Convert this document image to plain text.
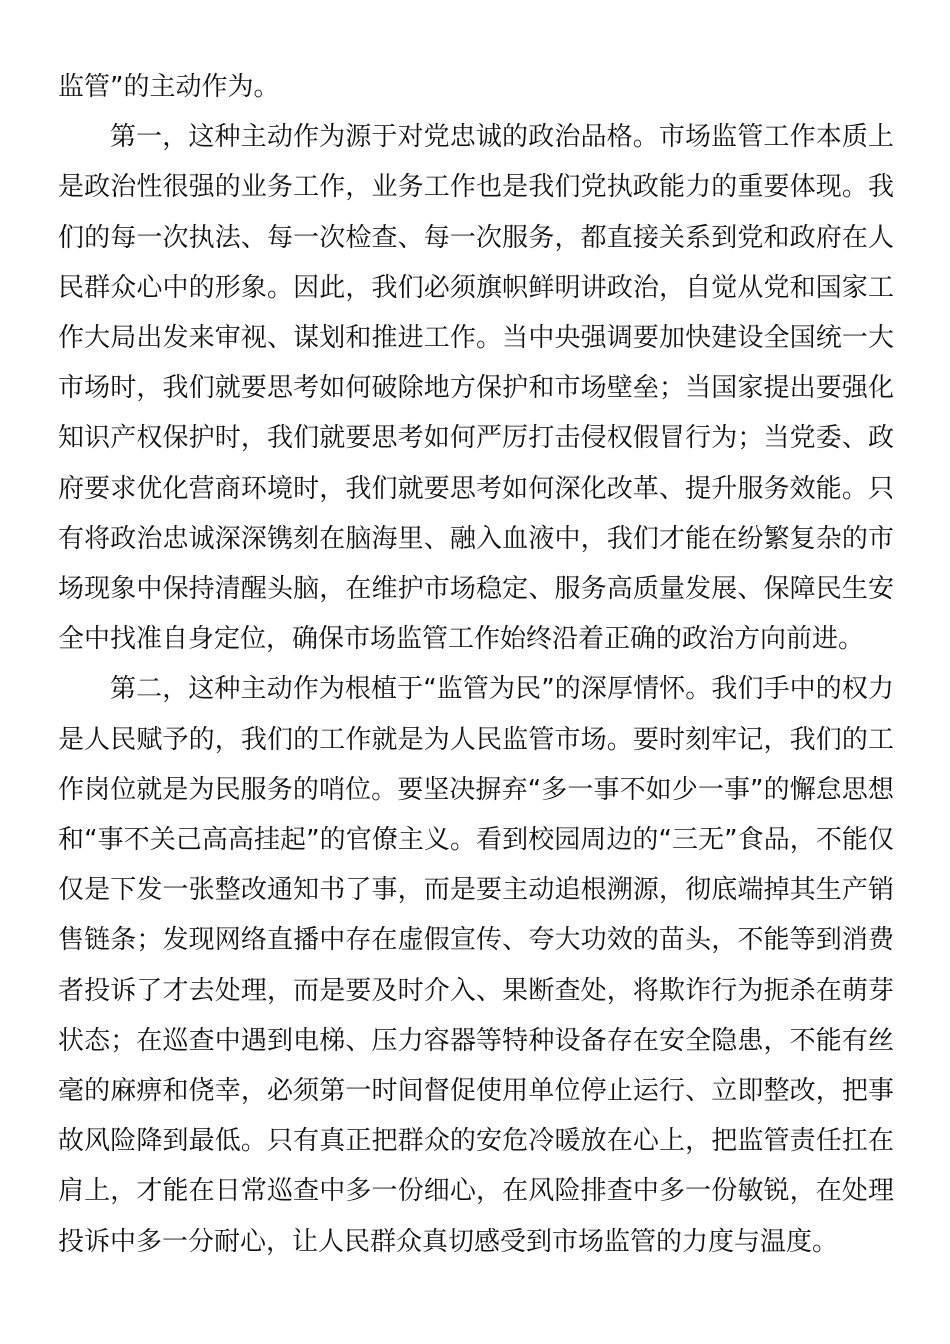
监管”的主动作为。

第一，这种主动作为源于对党忠诚的政治品格。市场监管工作本质上是政治性很强的业务工作，业务工作也是我们党执政能力的重要体现。我们的每一次执法、每一次检查、每一次服务，都直接关系到党和政府在人民群众心中的形象。因此，我们必须旗帜鲜明讲政治，自觉从党和国家工作大局出发来审视、谋划和推进工作。当中央强调要加快建设全国统一大市场时，我们就要思考如何破除地方保护和市场壁垒；当国家提出要强化知识产权保护时，我们就要思考如何严厉打击侵权假冒行为；当党委、政府要求优化营商环境时，我们就要思考如何深化改革、提升服务效能。只有将政治忠诚深深镌刻在脑海里、融入血液中，我们才能在纷繁复杂的市场现象中保持清醒头脑，在维护市场稳定、服务高质量发展、保障民生安全中找准自身定位，确保市场监管工作始终沿着正确的政治方向前进。

第二，这种主动作为根植于“监管为民”的深厚情怀。我们手中的权力是人民赋予的，我们的工作就是为人民监管市场。要时刻牢记，我们的工作岗位就是为民服务的哨位。要坚决摒弃“多一事不如少一事”的懈怠思想和“事不关己高高挂起”的官僚主义。看到校园周边的“三无”食品，不能仅仅是下发一张整改通知书了事，而是要主动追根溯源，彻底端掉其生产销售链条；发现网络直播中存在虚假宣传、夸大功效的苗头，不能等到消费者投诉了才去处理，而是要及时介入、果断查处，将欺诈行为扼杀在萌芽状态；在巡查中遇到电梯、压力容器等特种设备存在安全隐患，不能有丝毫的麻痹和侥幸，必须第一时间督促使用单位停止运行、立即整改，把事故风险降到最低。只有真正把群众的安危冷暖放在心上，把监管责任扛在肩上，才能在日常巡查中多一份细心，在风险排查中多一份敏锐，在处理投诉中多一分耐心，让人民群众真切感受到市场监管的力度与温度。
